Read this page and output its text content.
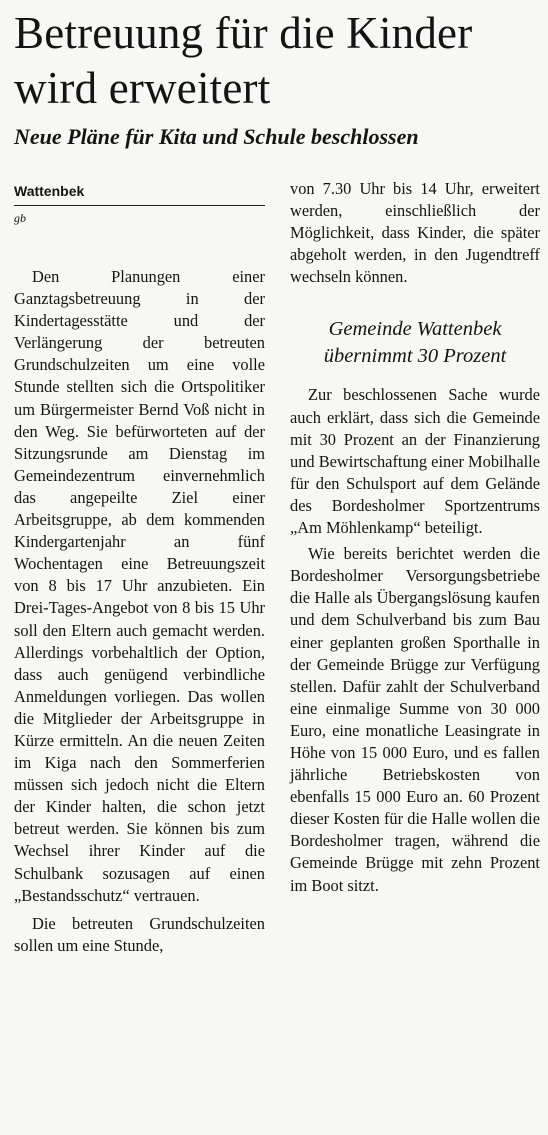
Betreuung für die Kinder wird erweitert
Neue Pläne für Kita und Schule beschlossen
Wattenbek
gb

Den Planungen einer Ganztagsbetreuung in der Kindertagesstätte und der Verlängerung der betreuten Grundschulzeiten um eine volle Stunde stellten sich die Ortspolitiker um Bürgermeister Bernd Voß nicht in den Weg. Sie befürworteten auf der Sitzungsrunde am Dienstag im Gemeindezentrum einvernehmlich das angepeilte Ziel einer Arbeitsgruppe, ab dem kommenden Kindergartenjahr an fünf Wochentagen eine Betreuungszeit von 8 bis 17 Uhr anzubieten. Ein Drei-Tages-Angebot von 8 bis 15 Uhr soll den Eltern auch gemacht werden. Allerdings vorbehaltlich der Option, dass auch genügend verbindliche Anmeldungen vorliegen. Das wollen die Mitglieder der Arbeitsgruppe in Kürze ermitteln. An die neuen Zeiten im Kiga nach den Sommerferien müssen sich jedoch nicht die Eltern der Kinder halten, die schon jetzt betreut werden. Sie können bis zum Wechsel ihrer Kinder auf die Schulbank sozusagen auf einen „Bestandsschutz“ vertrauen.

Die betreuten Grundschulzeiten sollen um eine Stunde,

von 7.30 Uhr bis 14 Uhr, erweitert werden, einschließlich der Möglichkeit, dass Kinder, die später abgeholt werden, in den Jugendtreff wechseln können.

Gemeinde Wattenbek übernimmt 30 Prozent

Zur beschlossenen Sache wurde auch erklärt, dass sich die Gemeinde mit 30 Prozent an der Finanzierung und Bewirtschaftung einer Mobilhalle für den Schulsport auf dem Gelände des Bordesholmer Sportzentrums „Am Möhlenkamp“ beteiligt.

Wie bereits berichtet werden die Bordesholmer Versorgungsbetriebe die Halle als Übergangslösung kaufen und dem Schulverband bis zum Bau einer geplanten großen Sporthalle in der Gemeinde Brügge zur Verfügung stellen. Dafür zahlt der Schulverband eine einmalige Summe von 30 000 Euro, eine monatliche Leasingrate in Höhe von 15 000 Euro, und es fallen jährliche Betriebskosten von ebenfalls 15 000 Euro an. 60 Prozent dieser Kosten für die Halle wollen die Bordesholmer tragen, während die Gemeinde Brügge mit zehn Prozent im Boot sitzt.
